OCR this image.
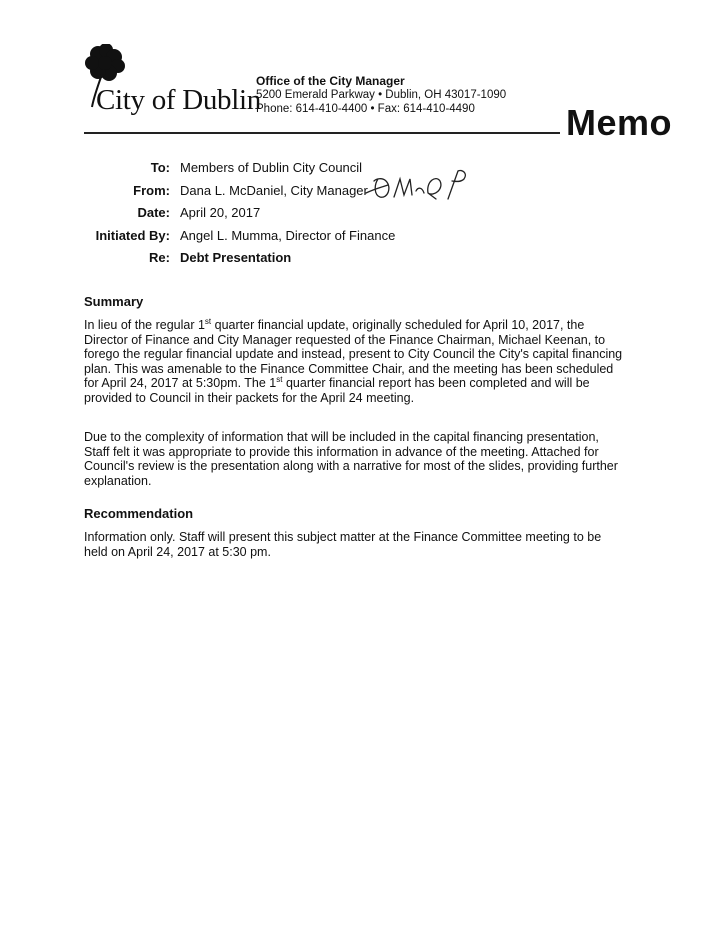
City of Dublin
Office of the City Manager
5200 Emerald Parkway • Dublin, OH 43017-1090
Phone: 614-410-4400 • Fax: 614-410-4490	Memo
To: Members of Dublin City Council
From: Dana L. McDaniel, City Manager
Date: April 20, 2017
Initiated By: Angel L. Mumma, Director of Finance
Re: Debt Presentation
Summary
In lieu of the regular 1st quarter financial update, originally scheduled for April 10, 2017, the
Director of Finance and City Manager requested of the Finance Chairman, Michael Keenan, to
forego the regular financial update and instead, present to City Council the City's capital financing
plan. This was amenable to the Finance Committee Chair, and the meeting has been scheduled
for April 24, 2017 at 5:30pm. The 1st quarter financial report has been completed and will be
provided to Council in their packets for the April 24 meeting.
Due to the complexity of information that will be included in the capital financing presentation,
Staff felt it was appropriate to provide this information in advance of the meeting. Attached for
Council's review is the presentation along with a narrative for most of the slides, providing further
explanation.
Recommendation
Information only. Staff will present this subject matter at the Finance Committee meeting to be
held on April 24, 2017 at 5:30 pm.
